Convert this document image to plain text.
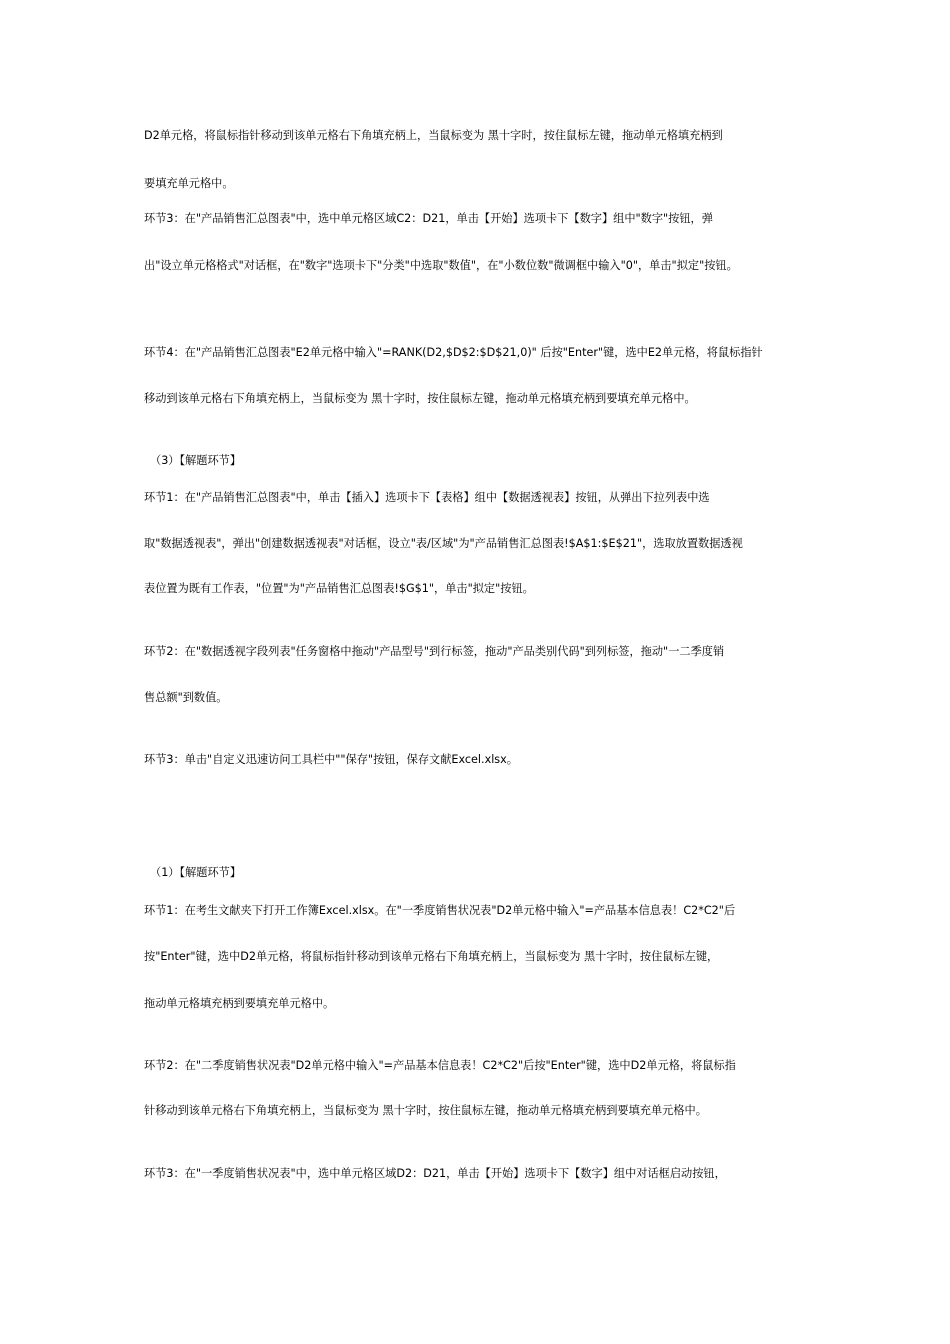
D2单元格，将鼠标指针移动到该单元格右下角填充柄上，当鼠标变为 黑十字时，按住鼠标左键，拖动单元格填充柄到

要填充单元格中。

环节3：在"产品销售汇总图表"中，选中单元格区域C2：D21，单击【开始】选项卡下【数字】组中"数字"按钮，弹

出"设立单元格格式"对话框，在"数字"选项卡下"分类"中选取"数值"，在"小数位数"微调框中输入"0"，单击"拟定"按钮。

环节4：在"产品销售汇总图表"E2单元格中输入"=RANK(D2,$D$2:$D$21,0)" 后按"Enter"键，选中E2单元格，将鼠标指针

移动到该单元格右下角填充柄上，当鼠标变为 黑十字时，按住鼠标左键，拖动单元格填充柄到要填充单元格中。

（3）【解题环节】

环节1：在"产品销售汇总图表"中，单击【插入】选项卡下【表格】组中【数据透视表】按钮，从弹出下拉列表中选

取"数据透视表"，弹出"创建数据透视表"对话框，设立"表/区域"为"产品销售汇总图表!$A$1:$E$21"，选取放置数据透视

表位置为既有工作表，"位置"为"产品销售汇总图表!$G$1"，单击"拟定"按钮。

环节2：在"数据透视字段列表"任务窗格中拖动"产品型号"到行标签，拖动"产品类别代码"到列标签，拖动"一二季度销

售总额"到数值。

环节3：单击"自定义迅速访问工具栏中""保存"按钮，保存文献Excel.xlsx。

（1）【解题环节】

环节1：在考生文献夹下打开工作簿Excel.xlsx。在"一季度销售状况表"D2单元格中输入"=产品基本信息表！C2*C2"后

按"Enter"键，选中D2单元格，将鼠标指针移动到该单元格右下角填充柄上，当鼠标变为 黑十字时，按住鼠标左键，

拖动单元格填充柄到要填充单元格中。

环节2：在"二季度销售状况表"D2单元格中输入"=产品基本信息表！C2*C2"后按"Enter"键，选中D2单元格，将鼠标指

针移动到该单元格右下角填充柄上，当鼠标变为 黑十字时，按住鼠标左键，拖动单元格填充柄到要填充单元格中。

环节3：在"一季度销售状况表"中，选中单元格区域D2：D21，单击【开始】选项卡下【数字】组中对话框启动按钮，
